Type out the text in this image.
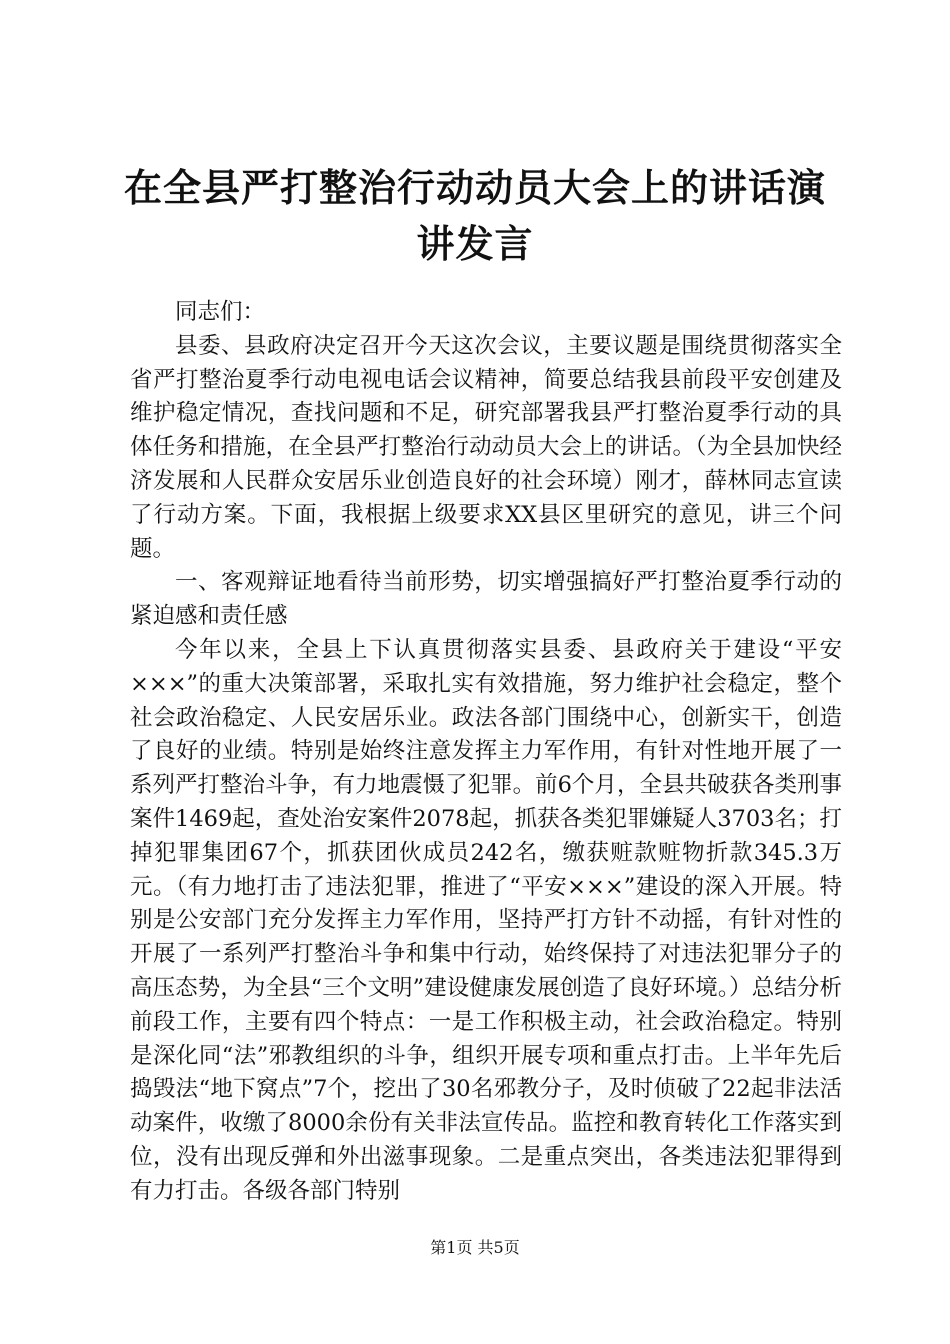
在全县严打整治行动动员大会上的讲话演讲发言

同志们：

县委、县政府决定召开今天这次会议，主要议题是围绕贯彻落实全省严打整治夏季行动电视电话会议精神，简要总结我县前段平安创建及维护稳定情况，查找问题和不足，研究部署我县严打整治夏季行动的具体任务和措施，在全县严打整治行动动员大会上的讲话。（为全县加快经济发展和人民群众安居乐业创造良好的社会环境）刚才，薛林同志宣读了行动方案。下面，我根据上级要求XX县区里研究的意见，讲三个问题。

一、客观辩证地看待当前形势，切实增强搞好严打整治夏季行动的紧迫感和责任感

今年以来，全县上下认真贯彻落实县委、县政府关于建设“平安×××”的重大决策部署，采取扎实有效措施，努力维护社会稳定，整个社会政治稳定、人民安居乐业。政法各部门围绕中心，创新实干，创造了良好的业绩。特别是始终注意发挥主力军作用，有针对性地开展了一系列严打整治斗争，有力地震慑了犯罪。前6个月，全县共破获各类刑事案件1469起，查处治安案件2078起，抓获各类犯罪嫌疑人3703名；打掉犯罪集团67个，抓获团伙成员242名，缴获赃款赃物折款345.3万元。（有力地打击了违法犯罪，推进了“平安×××”建设的深入开展。特别是公安部门充分发挥主力军作用，坚持严打方针不动摇，有针对性的开展了一系列严打整治斗争和集中行动，始终保持了对违法犯罪分子的高压态势，为全县“三个文明”建设健康发展创造了良好环境。）总结分析前段工作，主要有四个特点：一是工作积极主动，社会政治稳定。特别是深化同“法”邪教组织的斗争，组织开展专项和重点打击。上半年先后捣毁法“地下窝点”7个，挖出了30名邪教分子，及时侦破了22起非法活动案件，收缴了8000余份有关非法宣传品。监控和教育转化工作落实到位，没有出现反弹和外出滋事现象。二是重点突出，各类违法犯罪得到有力打击。各级各部门特别

第1页 共5页
